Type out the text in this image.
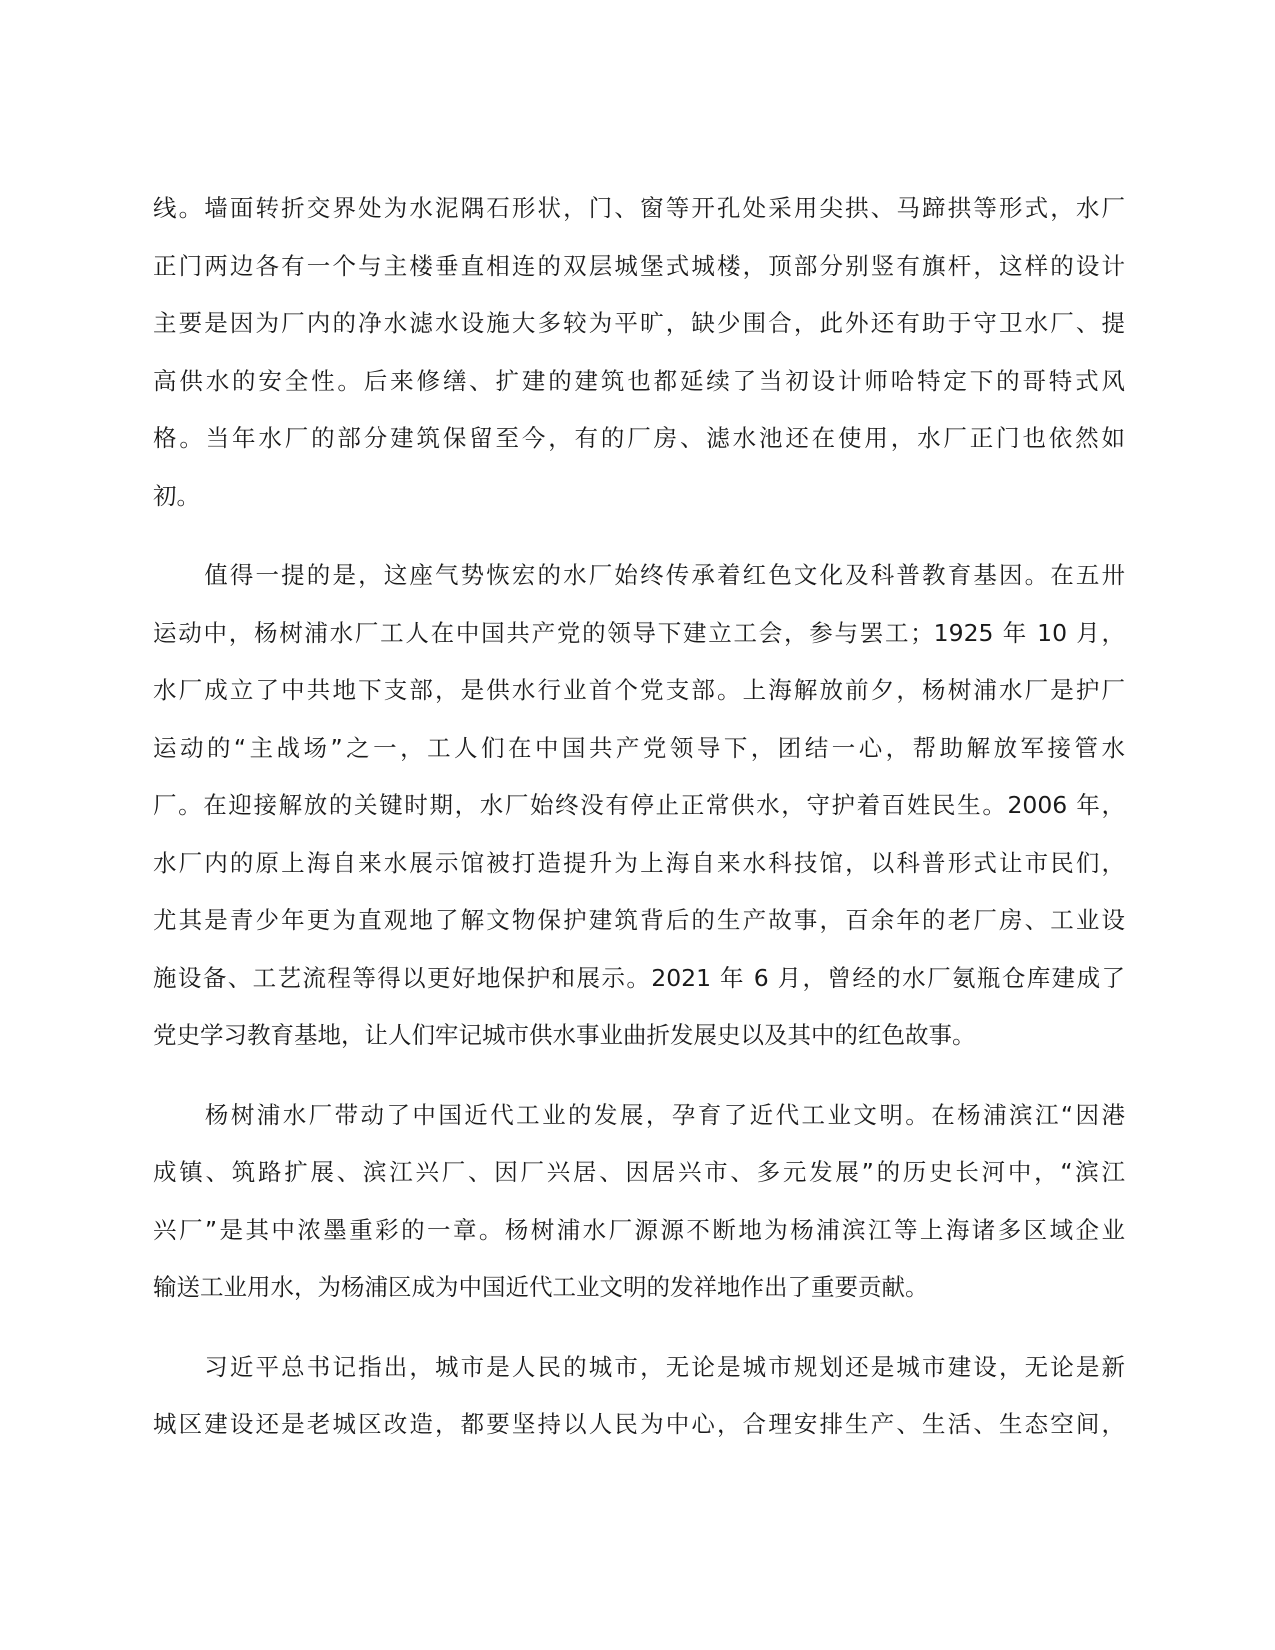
线。墙面转折交界处为水泥隅石形状，门、窗等开孔处采用尖拱、马蹄拱等形式，水厂
正门两边各有一个与主楼垂直相连的双层城堡式城楼，顶部分别竖有旗杆，这样的设计
主要是因为厂内的净水滤水设施大多较为平旷，缺少围合，此外还有助于守卫水厂、提
高供水的安全性。后来修缮、扩建的建筑也都延续了当初设计师哈特定下的哥特式风
格。当年水厂的部分建筑保留至今，有的厂房、滤水池还在使用，水厂正门也依然如
初。
　　值得一提的是，这座气势恢宏的水厂始终传承着红色文化及科普教育基因。在五卅
运动中，杨树浦水厂工人在中国共产党的领导下建立工会，参与罢工；1925 年 10 月，
水厂成立了中共地下支部，是供水行业首个党支部。上海解放前夕，杨树浦水厂是护厂
运动的“主战场”之一，工人们在中国共产党领导下，团结一心，帮助解放军接管水
厂。在迎接解放的关键时期，水厂始终没有停止正常供水，守护着百姓民生。2006 年，
水厂内的原上海自来水展示馆被打造提升为上海自来水科技馆，以科普形式让市民们，
尤其是青少年更为直观地了解文物保护建筑背后的生产故事，百余年的老厂房、工业设
施设备、工艺流程等得以更好地保护和展示。2021 年 6 月，曾经的水厂氨瓶仓库建成了
党史学习教育基地，让人们牢记城市供水事业曲折发展史以及其中的红色故事。
　　杨树浦水厂带动了中国近代工业的发展，孕育了近代工业文明。在杨浦滨江“因港
成镇、筑路扩展、滨江兴厂、因厂兴居、因居兴市、多元发展”的历史长河中，“滨江
兴厂”是其中浓墨重彩的一章。杨树浦水厂源源不断地为杨浦滨江等上海诸多区域企业
输送工业用水，为杨浦区成为中国近代工业文明的发祥地作出了重要贡献。
　　习近平总书记指出，城市是人民的城市，无论是城市规划还是城市建设，无论是新
城区建设还是老城区改造，都要坚持以人民为中心，合理安排生产、生活、生态空间，
